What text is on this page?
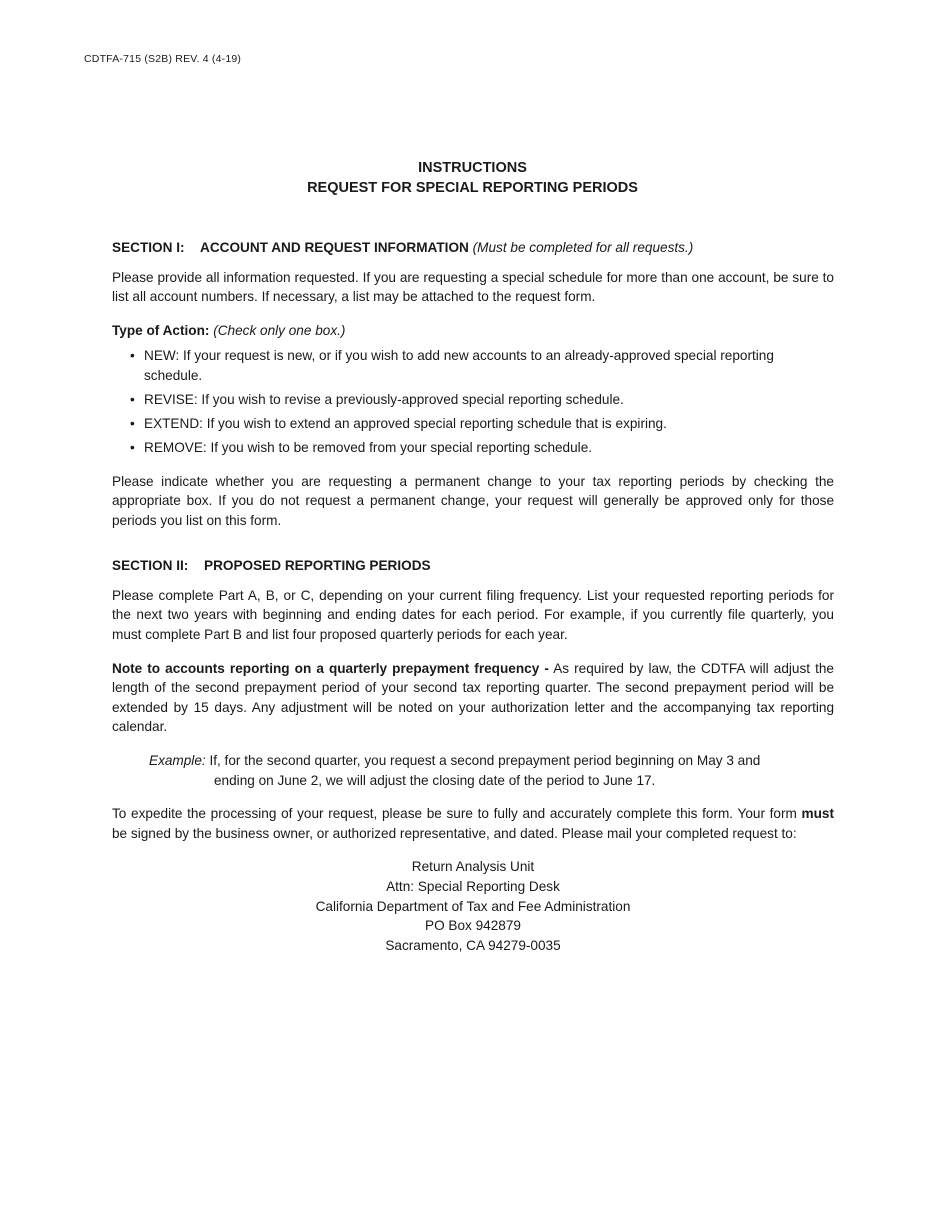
CDTFA-715 (S2B) REV. 4 (4-19)
INSTRUCTIONS
REQUEST FOR SPECIAL REPORTING PERIODS
SECTION I: ACCOUNT AND REQUEST INFORMATION (Must be completed for all requests.)

Please provide all information requested. If you are requesting a special schedule for more than one account, be sure to list all account numbers. If necessary, a list may be attached to the request form.

Type of Action: (Check only one box.)
• NEW: If your request is new, or if you wish to add new accounts to an already-approved special reporting schedule.
• REVISE: If you wish to revise a previously-approved special reporting schedule.
• EXTEND: If you wish to extend an approved special reporting schedule that is expiring.
• REMOVE: If you wish to be removed from your special reporting schedule.

Please indicate whether you are requesting a permanent change to your tax reporting periods by checking the appropriate box. If you do not request a permanent change, your request will generally be approved only for those periods you list on this form.

SECTION II: PROPOSED REPORTING PERIODS

Please complete Part A, B, or C, depending on your current filing frequency. List your requested reporting periods for the next two years with beginning and ending dates for each period. For example, if you currently file quarterly, you must complete Part B and list four proposed quarterly periods for each year.

Note to accounts reporting on a quarterly prepayment frequency - As required by law, the CDTFA will adjust the length of the second prepayment period of your second tax reporting quarter. The second prepayment period will be extended by 15 days. Any adjustment will be noted on your authorization letter and the accompanying tax reporting calendar.

Example: If, for the second quarter, you request a second prepayment period beginning on May 3 and
ending on June 2, we will adjust the closing date of the period to June 17.

To expedite the processing of your request, please be sure to fully and accurately complete this form. Your form must be signed by the business owner, or authorized representative, and dated. Please mail your completed request to:

Return Analysis Unit
Attn: Special Reporting Desk
California Department of Tax and Fee Administration
PO Box 942879
Sacramento, CA 94279-0035
